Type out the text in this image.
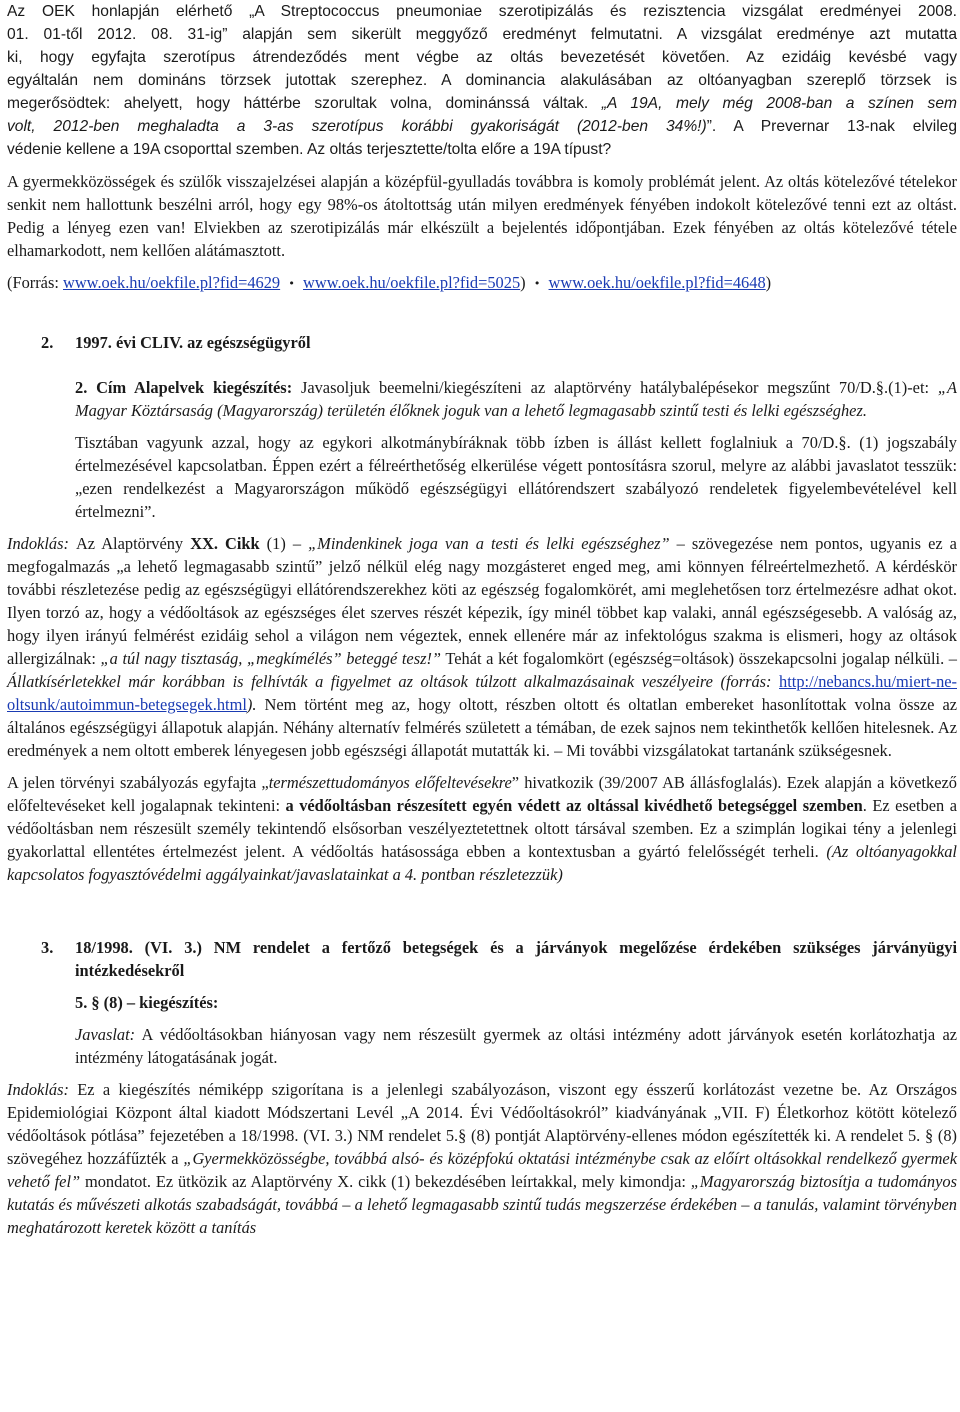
Az OEK honlapján elérhető „A Streptococcus pneumoniae szerotipizálás és rezisztencia vizsgálat eredményei 2008.

01. 01-től 2012. 08. 31-ig” alapján sem sikerült meggyőző eredményt felmutatni. A vizsgálat eredménye azt mutatta

ki, hogy egyfajta szerotípus átrendeződés ment végbe az oltás bevezetését követően. Az ezidáig kevésbé vagy

egyáltalán nem domináns törzsek jutottak szerephez. A dominancia alakulásában az oltóanyagban szereplő törzsek is

megerősödtek: ahelyett, hogy háttérbe szorultak volna, dominánssá váltak. „A 19A, mely még 2008-ban a színen sem

volt, 2012-ben meghaladta a 3-as szerotípus korábbi gyakoriságát (2012-ben 34%!)”. A Prevernar 13-nak elvileg

védenie kellene a 19A csoporttal szemben. Az oltás terjesztette/tolta előre a 19A típust?

A gyermekközösségek és szülők visszajelzései alapján a középfül-gyulladás továbbra is komoly problémát jelent. Az oltás kötelezővé tételekor senkit nem hallottunk beszélni arról, hogy egy 98%-os átoltottság után milyen eredmények fényében indokolt kötelezővé tenni ezt az oltást. Pedig a lényeg ezen van! Elviekben az szerotipizálás már elkészült a bejelentés időpontjában. Ezek fényében az oltás kötelezővé tétele elhamarkodott, nem kellően alátámasztott.

(Forrás: www.oek.hu/oekfile.pl?fid=4629 • www.oek.hu/oekfile.pl?fid=5025) • www.oek.hu/oekfile.pl?fid=4648)

2.	1997. évi CLIV. az egészségügyről

2. Cím Alapelvek kiegészítés: Javasoljuk beemelni/kiegészíteni az alaptörvény hatálybalépésekor megszűnt 70/D.§.(1)-et: „A Magyar Köztársaság (Magyarország) területén élőknek joguk van a lehető legmagasabb szintű testi és lelki egészséghez.

Tisztában vagyunk azzal, hogy az egykori alkotmánybíráknak több ízben is állást kellett foglalniuk a 70/D.§. (1) jogszabály értelmezésével kapcsolatban. Éppen ezért a félreérthetőség elkerülése végett pontosításra szorul, melyre az alábbi javaslatot tesszük: „ezen rendelkezést a Magyarországon működő egészségügyi ellátórendszert szabályozó rendeletek figyelembevételével kell értelmezni”.

Indoklás: Az Alaptörvény XX. Cikk (1) – „Mindenkinek joga van a testi és lelki egészséghez” – szövegezése nem pontos, ugyanis ez a megfogalmazás „a lehető legmagasabb szintű” jelző nélkül elég nagy mozgásteret enged meg, ami könnyen félreértelmezhető. A kérdéskör további részletezése pedig az egészségügyi ellátórendszerekhez köti az egészség fogalomkörét, ami meglehetősen torz értelmezésre adhat okot. Ilyen torzó az, hogy a védőoltások az egészséges élet szerves részét képezik, így minél többet kap valaki, annál egészségesebb. A valóság az, hogy ilyen irányú felmérést ezidáig sehol a világon nem végeztek, ennek ellenére már az infektológus szakma is elismeri, hogy az oltások allergizálnak: „a túl nagy tisztaság, „megkímélés” beteggé tesz!” Tehát a két fogalomkört (egészség=oltások) összekapcsolni jogalap nélküli. – Állatkísérletekkel már korábban is felhívták a figyelmet az oltások túlzott alkalmazásainak veszélyeire (forrás: http://nebancs.hu/miert-ne-oltsunk/autoimmun-betegsegek.html). Nem történt meg az, hogy oltott, részben oltott és oltatlan embereket hasonlítottak volna össze az általános egészségügyi állapotuk alapján. Néhány alternatív felmérés született a témában, de ezek sajnos nem tekinthetők kellően hitelesnek. Az eredmények a nem oltott emberek lényegesen jobb egészségi állapotát mutatták ki. – Mi további vizsgálatokat tartanánk szükségesnek.

A jelen törvényi szabályozás egyfajta „természettudományos előfeltevésekre” hivatkozik (39/2007 AB állásfoglalás). Ezek alapján a következő előfeltevéseket kell jogalapnak tekinteni: a védőoltásban részesített egyén védett az oltással kivédhető betegséggel szemben. Ez esetben a védőoltásban nem részesült személy tekintendő elsősorban veszélyeztetettnek oltott társával szemben. Ez a szimplán logikai tény a jelenlegi gyakorlattal ellentétes értelmezést jelent. A védőoltás hatásossága ebben a kontextusban a gyártó felelősségét terheli. (Az oltóanyagokkal kapcsolatos fogyasztóvédelmi aggályainkat/javaslatainkat a 4. pontban részletezzük)

3.	18/1998. (VI. 3.) NM rendelet a fertőző betegségek és a járványok megelőzése érdekében szükséges járványügyi intézkedésekről

5. § (8) – kiegészítés:

Javaslat: A védőoltásokban hiányosan vagy nem részesült gyermek az oltási intézmény adott járványok esetén korlátozhatja az intézmény látogatásának jogát.

Indoklás: Ez a kiegészítés némiképp szigorítana is a jelenlegi szabályozáson, viszont egy ésszerű korlátozást vezetne be. Az Országos Epidemiológiai Központ által kiadott Módszertani Levél „A 2014. Évi Védőoltásokról” kiadványának „VII. F) Életkorhoz kötött kötelező védőoltások pótlása” fejezetében a 18/1998. (VI. 3.) NM rendelet 5.§ (8) pontját Alaptörvény-ellenes módon egészítették ki. A rendelet 5. § (8) szövegéhez hozzáfűzték a „Gyermekközösségbe, továbbá alsó- és középfokú oktatási intézménybe csak az előírt oltásokkal rendelkező gyermek vehető fel” mondatot. Ez ütközik az Alaptörvény X. cikk (1) bekezdésében leírtakkal, mely kimondja: „Magyarország biztosítja a tudományos kutatás és művészeti alkotás szabadságát, továbbá – a lehető legmagasabb szintű tudás megszerzése érdekében – a tanulás, valamint törvényben meghatározott keretek között a tanítás
